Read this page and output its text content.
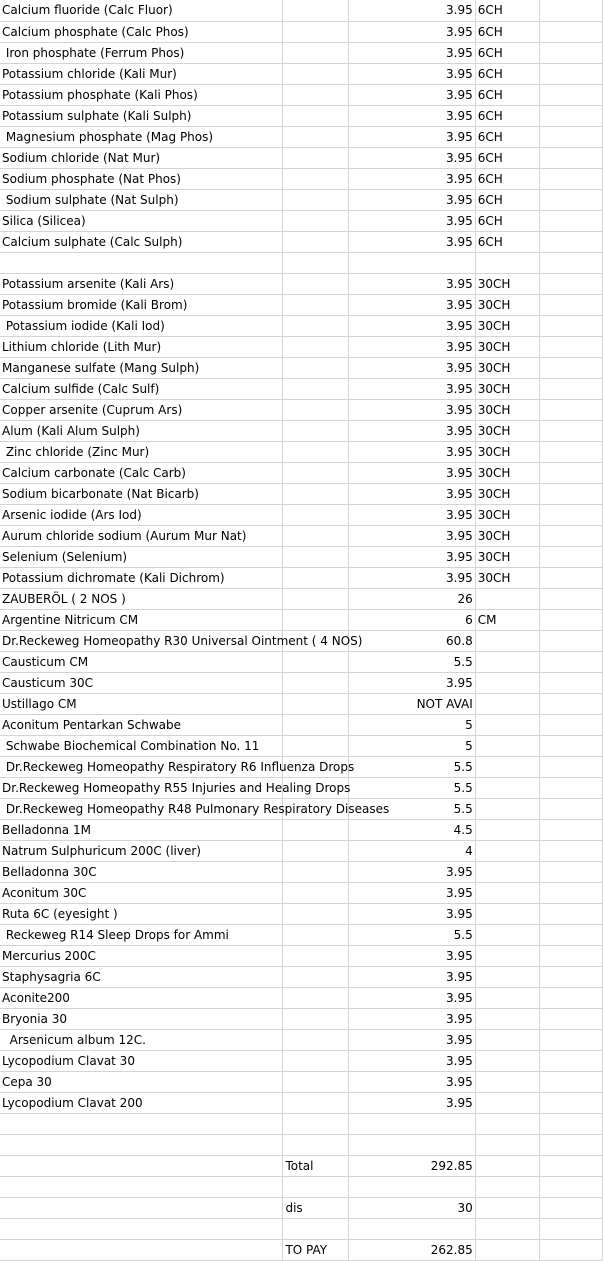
Calcium fluoride (Calc Fluor)		3.95	6CH	
Calcium phosphate (Calc Phos)		3.95	6CH	
Iron phosphate (Ferrum Phos)		3.95	6CH	
Potassium chloride (Kali Mur)		3.95	6CH	
Potassium phosphate (Kali Phos)		3.95	6CH	
Potassium sulphate (Kali Sulph)		3.95	6CH	
Magnesium phosphate (Mag Phos)		3.95	6CH	
Sodium chloride (Nat Mur)		3.95	6CH	
Sodium phosphate (Nat Phos)		3.95	6CH	
Sodium sulphate (Nat Sulph)		3.95	6CH	
Silica (Silicea)		3.95	6CH	
Calcium sulphate (Calc Sulph)		3.95	6CH	

Potassium arsenite (Kali Ars)		3.95	30CH	
Potassium bromide (Kali Brom)		3.95	30CH	
Potassium iodide (Kali Iod)		3.95	30CH	
Lithium chloride (Lith Mur)		3.95	30CH	
Manganese sulfate (Mang Sulph)		3.95	30CH	
Calcium sulfide (Calc Sulf)		3.95	30CH	
Copper arsenite (Cuprum Ars)		3.95	30CH	
Alum (Kali Alum Sulph)		3.95	30CH	
Zinc chloride (Zinc Mur)		3.95	30CH	
Calcium carbonate (Calc Carb)		3.95	30CH	
Sodium bicarbonate (Nat Bicarb)		3.95	30CH	
Arsenic iodide (Ars Iod)		3.95	30CH	
Aurum chloride sodium (Aurum Mur Nat)		3.95	30CH	
Selenium (Selenium)		3.95	30CH	
Potassium dichromate (Kali Dichrom)		3.95	30CH	
ZAUBERÖL ( 2 NOS )		26		
Argentine Nitricum CM		6	CM	
Dr.Reckeweg Homeopathy R30 Universal Ointment ( 4 NOS)		60.8		
Causticum CM		5.5		
Causticum 30C		3.95		
Ustillago CM		NOT AVAI		
Aconitum Pentarkan Schwabe		5		
Schwabe Biochemical Combination No. 11		5		
Dr.Reckeweg Homeopathy Respiratory R6 Influenza Drops		5.5		
Dr.Reckeweg Homeopathy R55 Injuries and Healing Drops		5.5		
Dr.Reckeweg Homeopathy R48 Pulmonary Respiratory Diseases		5.5		
Belladonna 1M		4.5		
Natrum Sulphuricum 200C (liver)		4		
Belladonna 30C		3.95		
Aconitum 30C		3.95		
Ruta 6C (eyesight )		3.95		
Reckeweg R14 Sleep Drops for Ammi		5.5		
Mercurius 200C		3.95		
Staphysagria 6C		3.95		
Aconite200		3.95		
Bryonia 30		3.95		
Arsenicum album 12C.		3.95		
Lycopodium Clavat 30		3.95		
Cepa 30		3.95		
Lycopodium Clavat 200		3.95		

	Total	292.85		

	dis	30		

	TO PAY	262.85		
